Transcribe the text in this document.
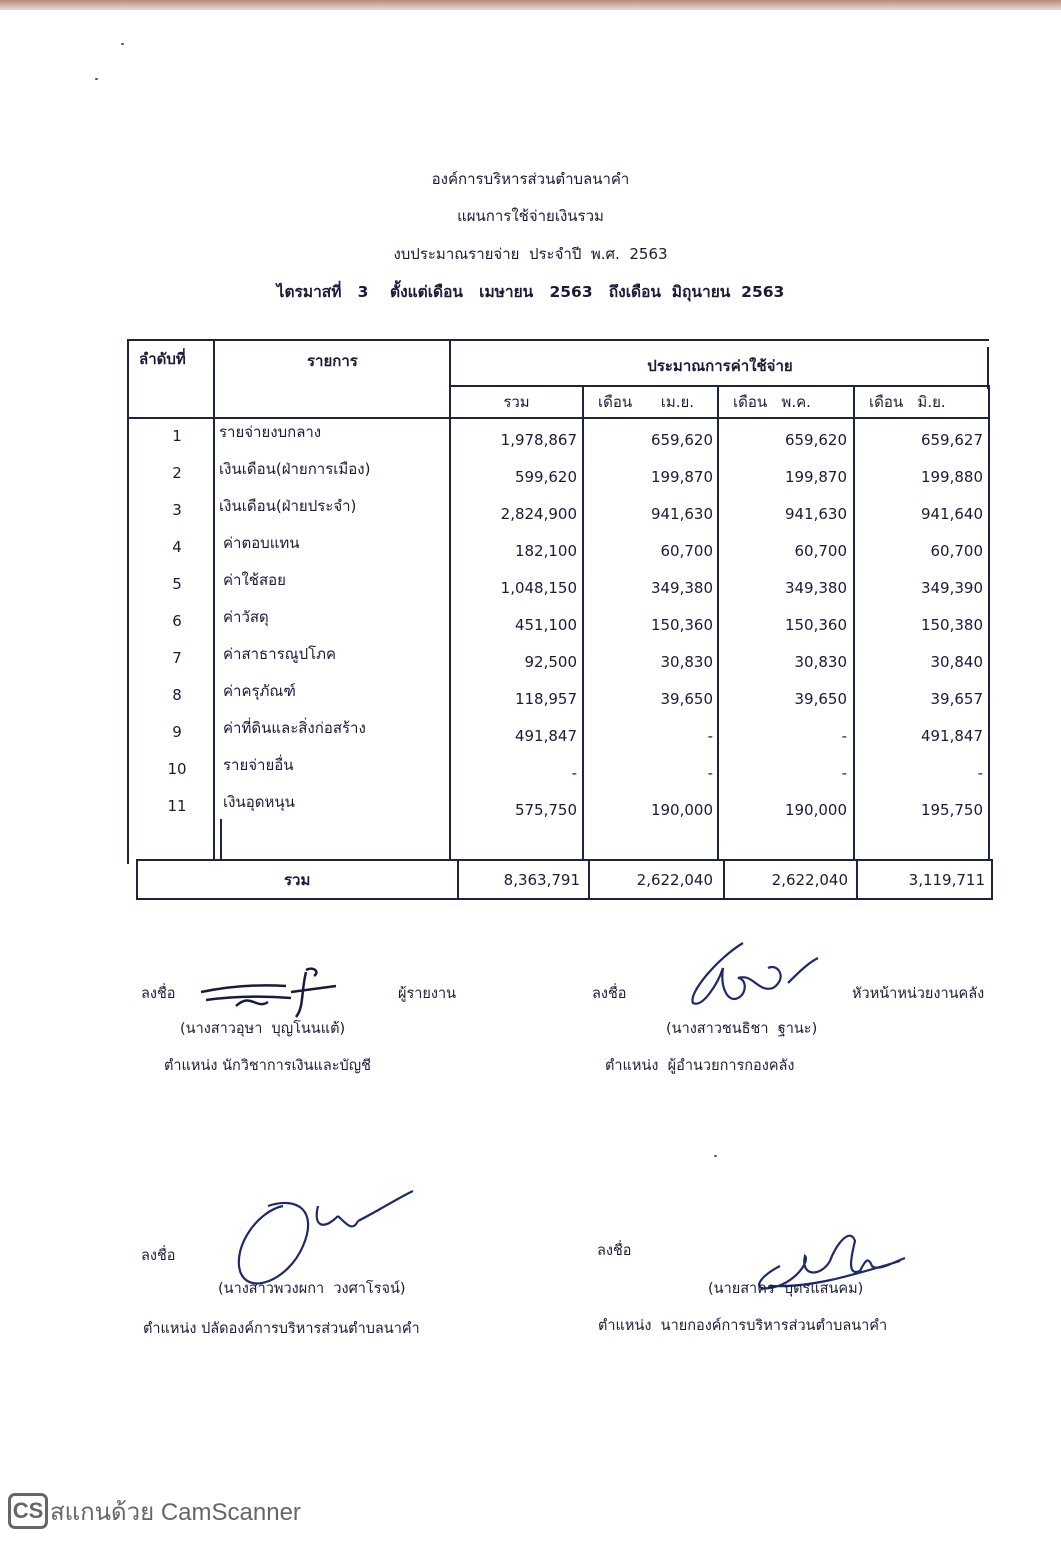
องค์การบริหารส่วนตำบลนาคำ
แผนการใช้จ่ายเงินรวม
งบประมาณรายจ่าย  ประจำปี  พ.ศ.  2563
ไตรมาสที่   3    ตั้งแต่เดือน   เมษายน   2563   ถึงเดือน  มิถุนายน  2563
ลำดับที่	รายการ	ประมาณการค่าใช้จ่าย
รวม	เดือน      เม.ย.	เดือน   พ.ค.	เดือน   มิ.ย.
1	รายจ่ายงบกลาง	1,978,867	659,620	659,620	659,627
2	เงินเดือน(ฝ่ายการเมือง)	599,620	199,870	199,870	199,880
3	เงินเดือน(ฝ่ายประจำ)	2,824,900	941,630	941,630	941,640
4	ค่าตอบแทน	182,100	60,700	60,700	60,700
5	ค่าใช้สอย	1,048,150	349,380	349,380	349,390
6	ค่าวัสดุ	451,100	150,360	150,360	150,380
7	ค่าสาธารณูปโภค	92,500	30,830	30,830	30,840
8	ค่าครุภัณฑ์	118,957	39,650	39,650	39,657
9	ค่าที่ดินและสิ่งก่อสร้าง	491,847	-	-	491,847
10	รายจ่ายอื่น	-	-	-	-
11	เงินอุดหนุน	575,750	190,000	190,000	195,750
รวม	8,363,791	2,622,040	2,622,040	3,119,711
ลงชื่อ	ผู้รายงาน
(นางสาวอุษา  บุญโนนแต้)
ตำแหน่ง นักวิชาการเงินและบัญชี
ลงชื่อ	หัวหน้าหน่วยงานคลัง
(นางสาวชนธิชา  ฐานะ)
ตำแหน่ง  ผู้อำนวยการกองคลัง
ลงชื่อ
(นางสาวพวงผกา  วงศาโรจน์)
ตำแหน่ง ปลัดองค์การบริหารส่วนตำบลนาคำ
ลงชื่อ
(นายสาคร  บุตรแสนคม)
ตำแหน่ง  นายกองค์การบริหารส่วนตำบลนาคำ
CS สแกนด้วย CamScanner
